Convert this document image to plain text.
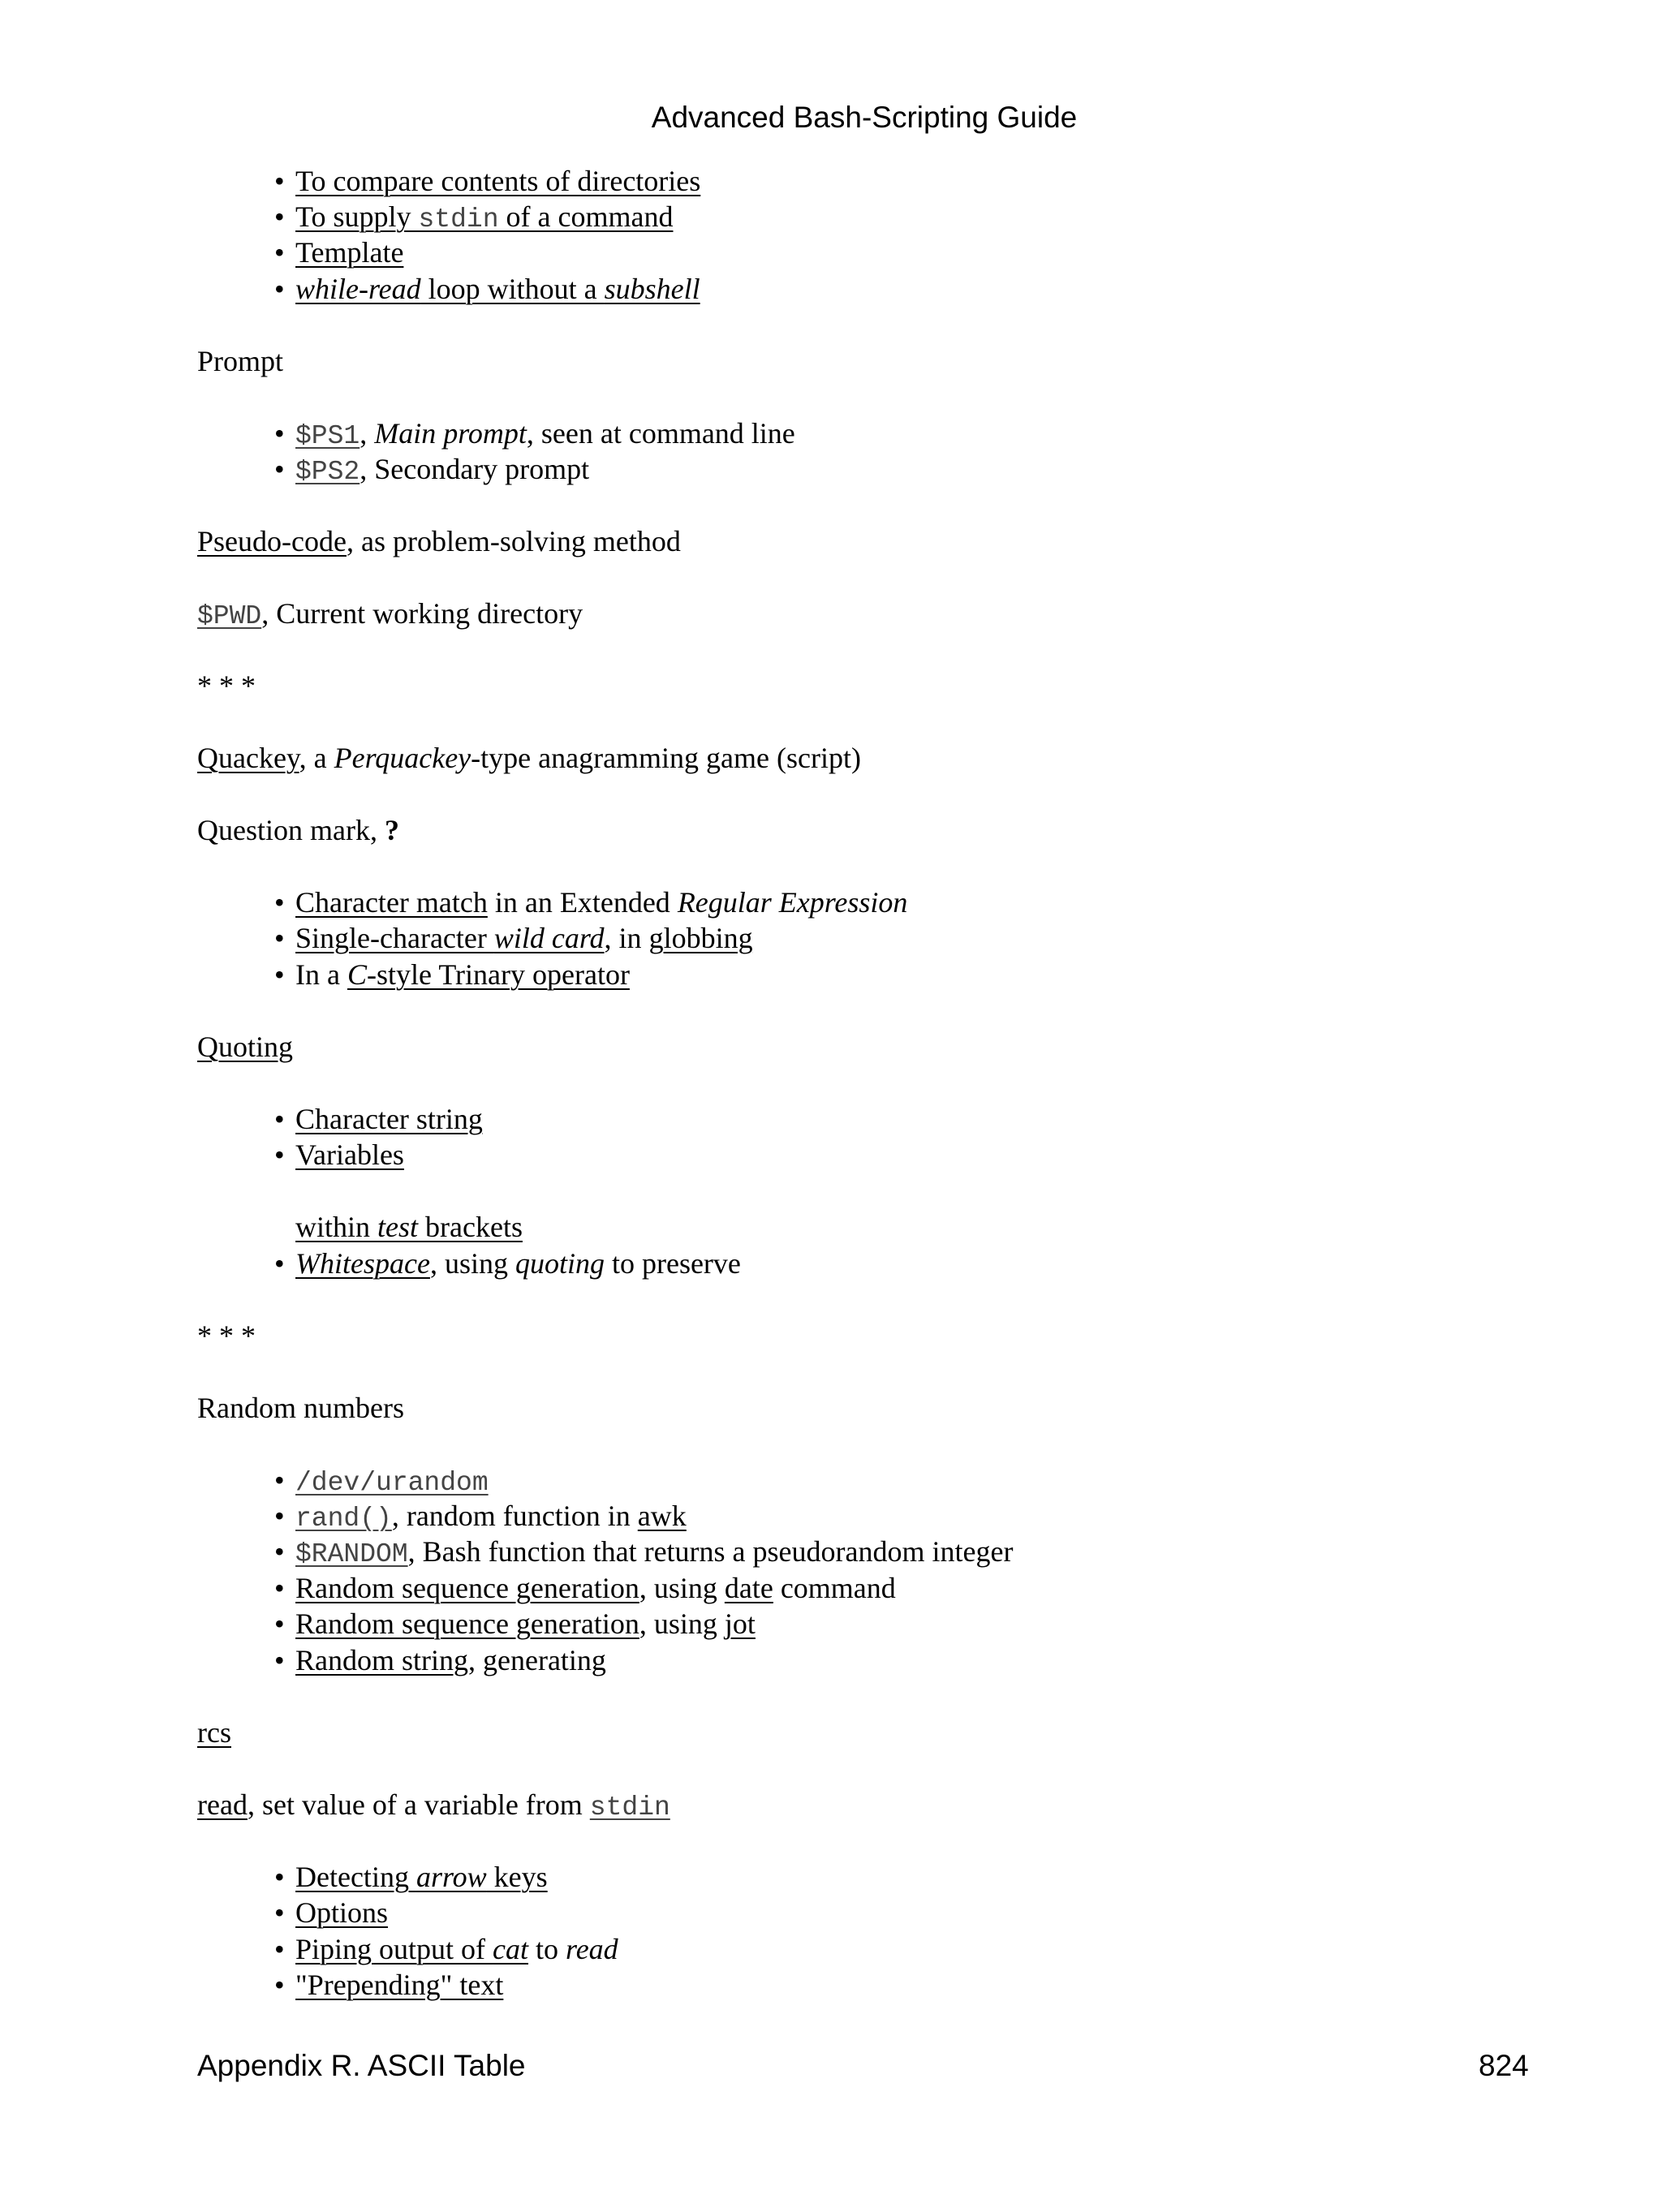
Advanced Bash-Scripting Guide
• To compare contents of directories
• To supply stdin of a command
• Template
• while-read loop without a subshell
Prompt
• $PS1, Main prompt, seen at command line
• $PS2, Secondary prompt
Pseudo-code, as problem-solving method
$PWD, Current working directory
* * *
Quackey, a Perquackey-type anagramming game (script)
Question mark, ?
• Character match in an Extended Regular Expression
• Single-character wild card, in globbing
• In a C-style Trinary operator
Quoting
• Character string
• Variables
within test brackets
• Whitespace, using quoting to preserve
* * *
Random numbers
• /dev/urandom
• rand(), random function in awk
• $RANDOM, Bash function that returns a pseudorandom integer
• Random sequence generation, using date command
• Random sequence generation, using jot
• Random string, generating
rcs
read, set value of a variable from stdin
• Detecting arrow keys
• Options
• Piping output of cat to read
• "Prepending" text
Appendix R. ASCII Table	824
